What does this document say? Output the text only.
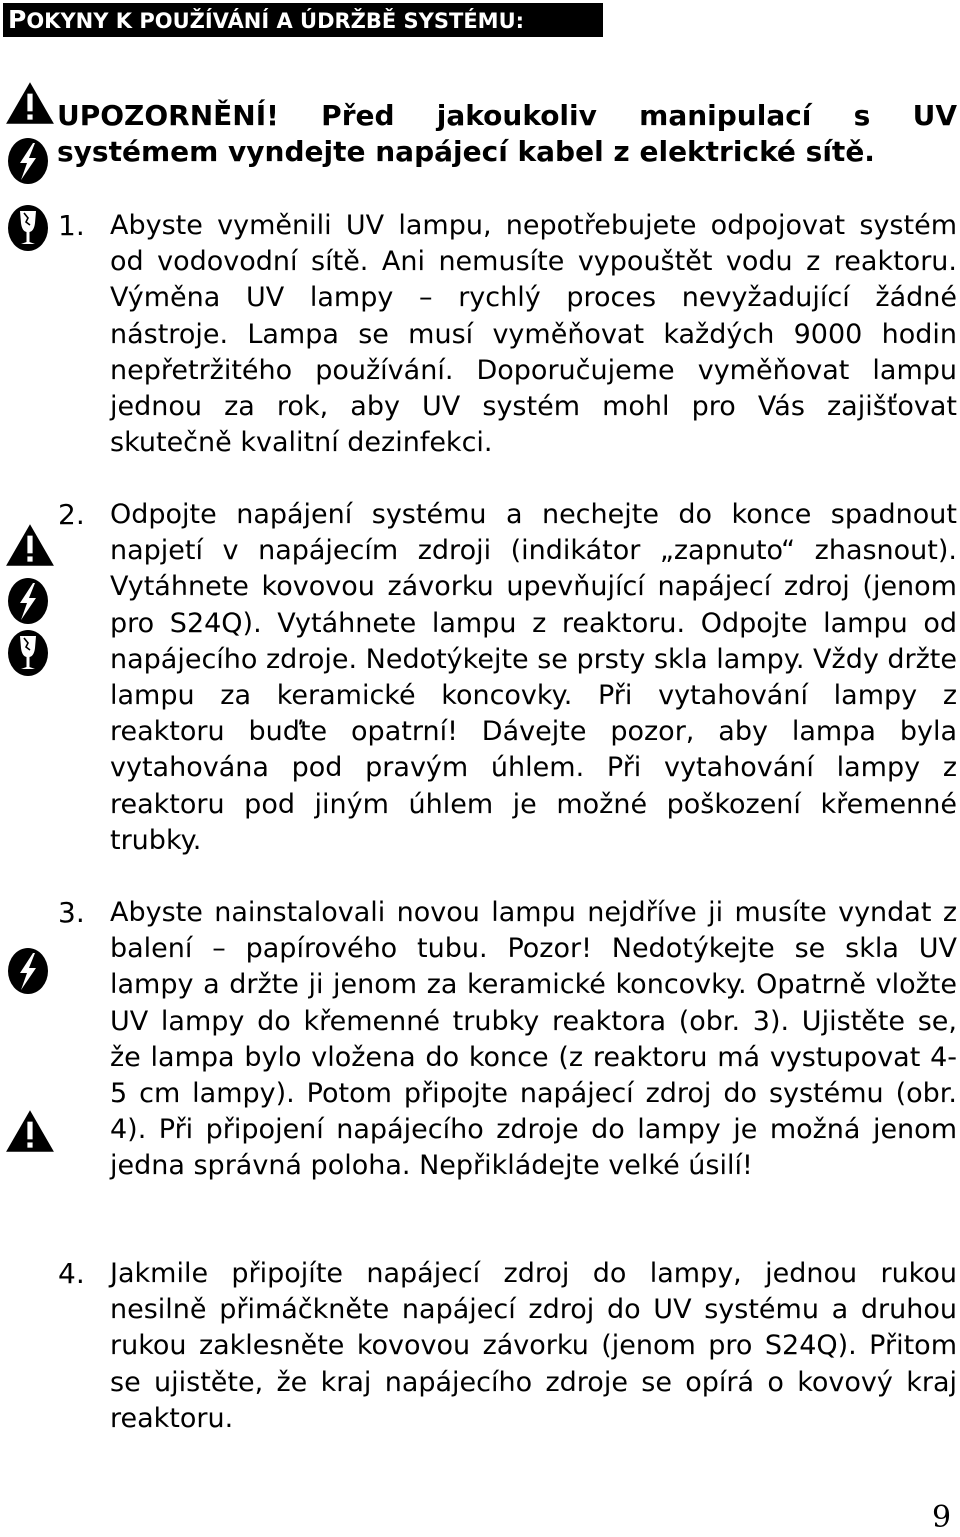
POKYNY K POUŽÍVÁNÍ A ÚDRŽBĚ SYSTÉMU:
UPOZORNĚNÍ! Před jakoukoliv manipulací s UV systémem vyndejte napájecí kabel z elektrické sítě.
1. Abyste vyměnili UV lampu, nepotřebujete odpojovat systém od vodovodní sítě. Ani nemusíte vypouštět vodu z reaktoru. Výměna UV lampy – rychlý proces nevyžadující žádné nástroje. Lampa se musí vyměňovat každých 9000 hodin nepřetržitého používání. Doporučujeme vyměňovat lampu jednou za rok, aby UV systém mohl pro Vás zajišťovat skutečně kvalitní dezinfekci.
2. Odpojte napájení systému a nechejte do konce spadnout napjetí v napájecím zdroji (indikátor „zapnuto“ zhasnout). Vytáhnete kovovou závorku upevňující napájecí zdroj (jenom pro S24Q). Vytáhnete lampu z reaktoru. Odpojte lampu od napájecího zdroje. Nedotýkejte se prsty skla lampy. Vždy držte lampu za keramické koncovky. Při vytahování lampy z reaktoru buďte opatrní! Dávejte pozor, aby lampa byla vytahována pod pravým úhlem. Při vytahování lampy z reaktoru pod jiným úhlem je možné poškození křemenné trubky.
3. Abyste nainstalovali novou lampu nejdříve ji musíte vyndat z balení – papírového tubu. Pozor! Nedotýkejte se skla UV lampy a držte ji jenom za keramické koncovky. Opatrně vložte UV lampy do křemenné trubky reaktora (obr. 3). Ujistěte se, že lampa bylo vložena do konce (z reaktoru má vystupovat 4-5 cm lampy). Potom připojte napájecí zdroj do systému (obr. 4). Při připojení napájecího zdroje do lampy je možná jenom jedna správná poloha. Nepřikládejte velké úsilí!
4. Jakmile připojíte napájecí zdroj do lampy, jednou rukou nesilně přimáčkněte napájecí zdroj do UV systému a druhou rukou zaklesněte kovovou závorku (jenom pro S24Q). Přitom se ujistěte, že kraj napájecího zdroje se opírá o kovový kraj reaktoru.
9
